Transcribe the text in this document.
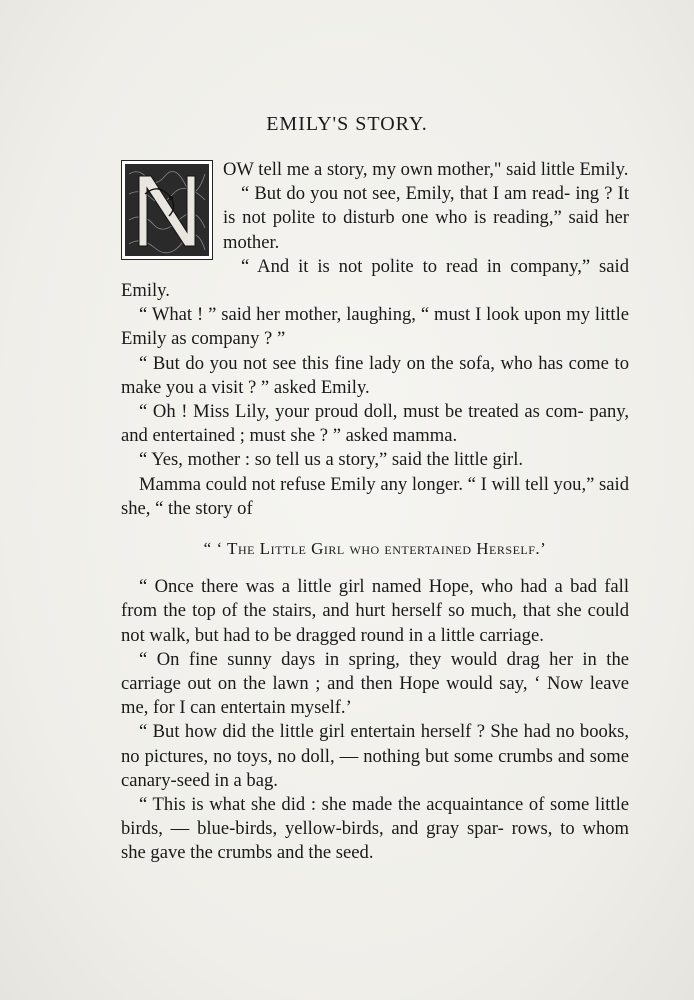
EMILY'S STORY.

OW tell me a story, my own mother," said little Emily.

“ But do you not see, Emily, that I am read- ing ? It is not polite to disturb one who is reading,” said her mother.

“ And it is not polite to read in company,” said Emily.

“ What ! ” said her mother, laughing, “ must I look upon my little Emily as company ? ”

“ But do you not see this fine lady on the sofa, who has come to make you a visit ? ” asked Emily.

“ Oh ! Miss Lily, your proud doll, must be treated as com- pany, and entertained ; must she ? ” asked mamma.

“ Yes, mother : so tell us a story,” said the little girl.

Mamma could not refuse Emily any longer. “ I will tell you,” said she, “ the story of

“ ‘ The Little Girl who entertained Herself.’

“ Once there was a little girl named Hope, who had a bad fall from the top of the stairs, and hurt herself so much, that she could not walk, but had to be dragged round in a little carriage.

“ On fine sunny days in spring, they would drag her in the carriage out on the lawn ; and then Hope would say, ‘ Now leave me, for I can entertain myself.’

“ But how did the little girl entertain herself ? She had no books, no pictures, no toys, no doll, — nothing but some crumbs and some canary-seed in a bag.

“ This is what she did : she made the acquaintance of some little birds, — blue-birds, yellow-birds, and gray spar- rows, to whom she gave the crumbs and the seed.
